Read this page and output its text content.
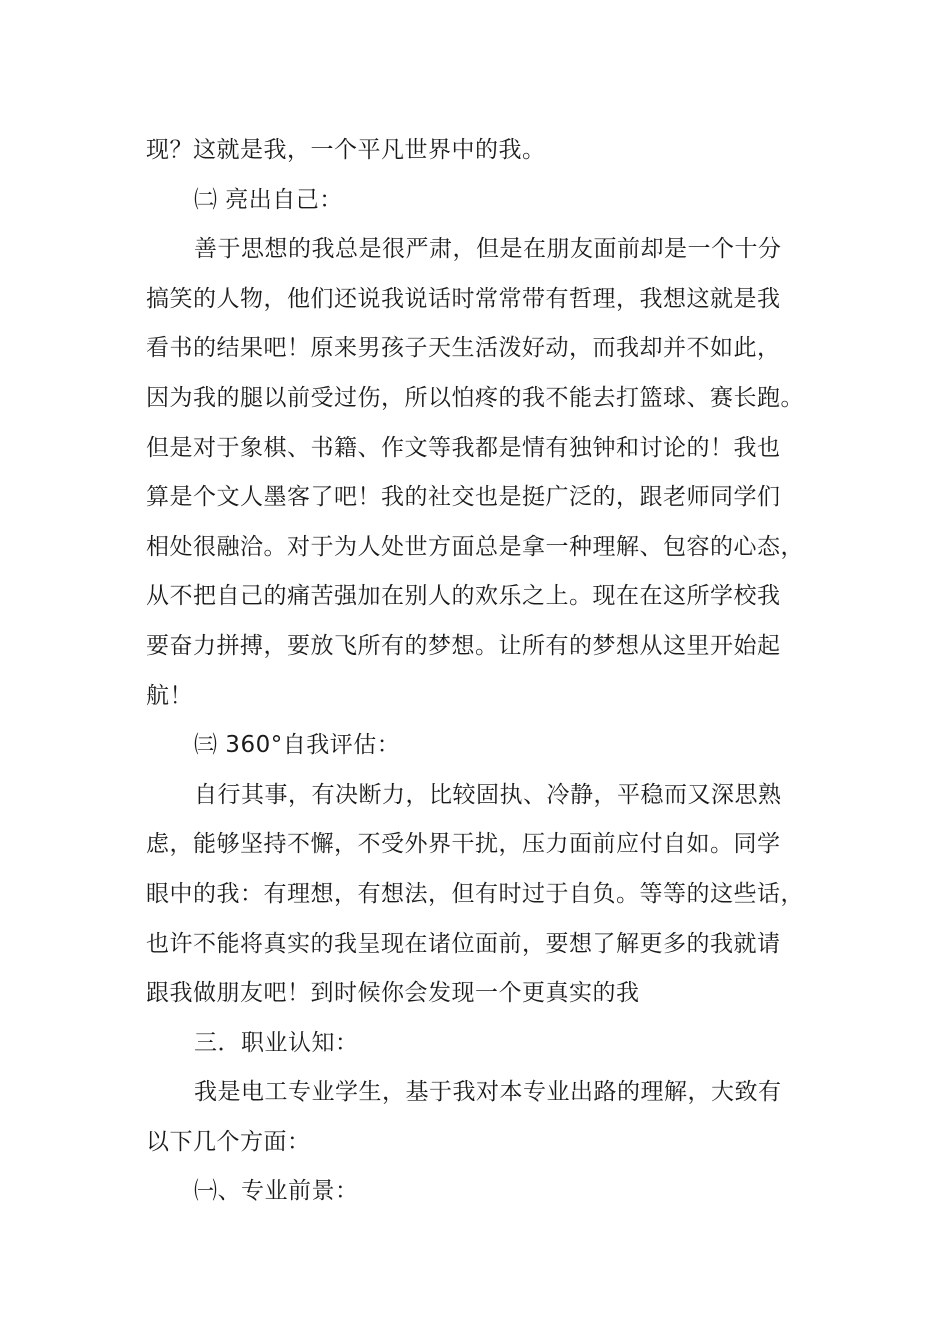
现？这就是我，一个平凡世界中的我。
㈡ 亮出自己：
善于思想的我总是很严肃，但是在朋友面前却是一个十分
搞笑的人物，他们还说我说话时常常带有哲理，我想这就是我
看书的结果吧！原来男孩子天生活泼好动，而我却并不如此，
因为我的腿以前受过伤，所以怕疼的我不能去打篮球、赛长跑。
但是对于象棋、书籍、作文等我都是情有独钟和讨论的！我也
算是个文人墨客了吧！我的社交也是挺广泛的，跟老师同学们
相处很融洽。对于为人处世方面总是拿一种理解、包容的心态，
从不把自己的痛苦强加在别人的欢乐之上。现在在这所学校我
要奋力拼搏，要放飞所有的梦想。让所有的梦想从这里开始起
航！
㈢ 360°自我评估：
自行其事，有决断力，比较固执、冷静，平稳而又深思熟
虑，能够坚持不懈，不受外界干扰，压力面前应付自如。同学
眼中的我：有理想，有想法，但有时过于自负。等等的这些话，
也许不能将真实的我呈现在诸位面前，要想了解更多的我就请
跟我做朋友吧！到时候你会发现一个更真实的我
三．职业认知：
我是电工专业学生，基于我对本专业出路的理解，大致有
以下几个方面：
㈠、专业前景：
